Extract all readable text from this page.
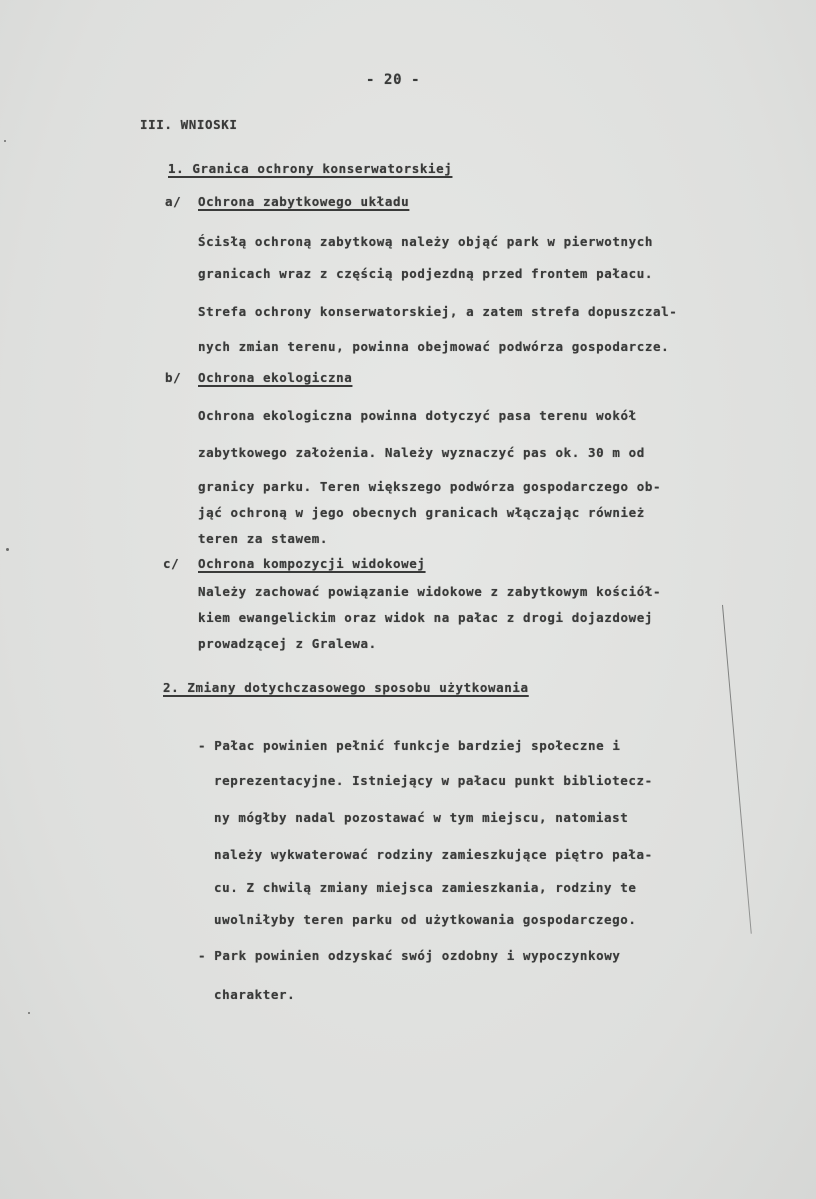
- 20 -
III. WNIOSKI
1. Granica ochrony konserwatorskiej
a/ Ochrona zabytkowego układu
Ścisłą ochroną zabytkową należy objąć park w pierwotnych
granicach wraz z częścią podjezdną przed frontem pałacu.
Strefa ochrony konserwatorskiej, a zatem strefa dopuszczal-
nych zmian terenu, powinna obejmować podwórza gospodarcze.
b/ Ochrona ekologiczna
Ochrona ekologiczna powinna dotyczyć pasa terenu wokół
zabytkowego założenia. Należy wyznaczyć pas ok. 30 m od
granicy parku. Teren większego podwórza gospodarczego ob-
jąć ochroną w jego obecnych granicach włączając również
teren za stawem.
c/ Ochrona kompozycji widokowej
Należy zachować powiązanie widokowe z zabytkowym kościół-
kiem ewangelickim oraz widok na pałac z drogi dojazdowej
prowadzącej z Gralewa.
2. Zmiany dotychczasowego sposobu użytkowania
- Pałac powinien pełnić funkcje bardziej społeczne i
reprezentacyjne. Istniejący w pałacu punkt bibliotecz-
ny mógłby nadal pozostawać w tym miejscu, natomiast
należy wykwaterować rodziny zamieszkujące piętro pała-
cu. Z chwilą zmiany miejsca zamieszkania, rodziny te
uwolniłyby teren parku od użytkowania gospodarczego.
- Park powinien odzyskać swój ozdobny i wypoczynkowy
charakter.
